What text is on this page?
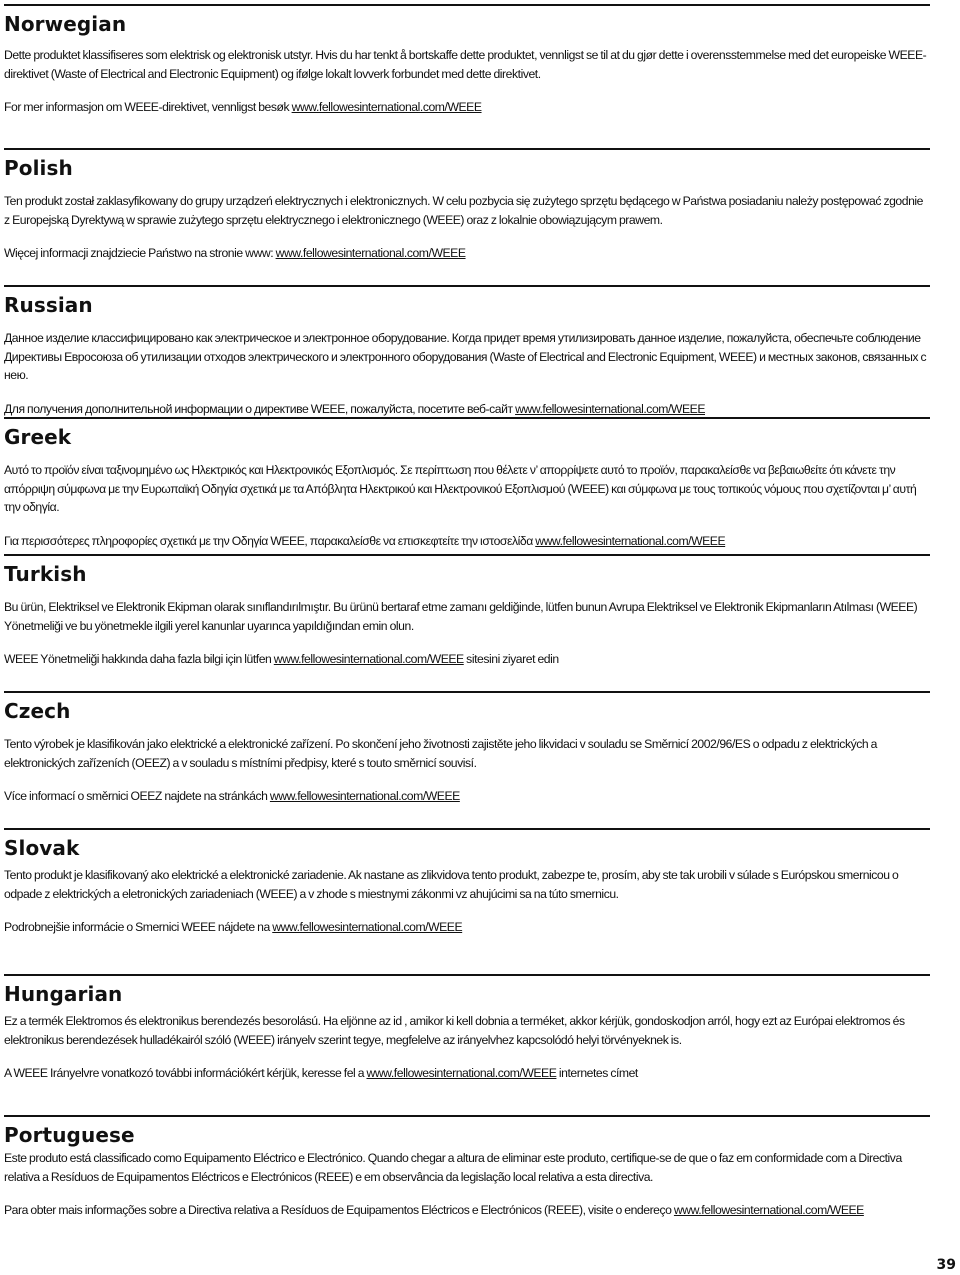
Norwegian

Dette produktet klassifiseres som elektrisk og elektronisk utstyr. Hvis du har tenkt å bortskaffe dette produktet, vennligst se til at du gjør dette i overensstemmelse med det europeiske WEEE-direktivet (Waste of Electrical and Electronic Equipment) og ifølge lokalt lovverk forbundet med dette direktivet.

For mer informasjon om WEEE-direktivet, vennligst besøk www.fellowesinternational.com/WEEE

Polish

Ten produkt został zaklasyfikowany do grupy urządzeń elektrycznych i elektronicznych. W celu pozbycia się zużytego sprzętu będącego w Państwa posiadaniu należy postępować zgodnie z Europejską Dyrektywą w sprawie zużytego sprzętu elektrycznego i elektronicznego (WEEE) oraz z lokalnie obowiązującym prawem.

Więcej informacji znajdziecie Państwo na stronie www: www.fellowesinternational.com/WEEE

Russian

Данное изделие классифицировано как электрическое и электронное оборудование. Когда придет время утилизировать данное изделие, пожалуйста, обеспечьте соблюдение Директивы Евросоюза об утилизации отходов электрического и электронного оборудования (Waste of Electrical and Electronic Equipment, WEEE) и местных законов, связанных с нею.

Для получения дополнительной информации о директиве WEEE, пожалуйста, посетите веб-сайт www.fellowesinternational.com/WEEE

Greek

Αυτό το προϊόν είναι ταξινομημένο ως Ηλεκτρικός και Ηλεκτρονικός Εξοπλισμός. Σε περίπτωση που θέλετε ν’ απορρίψετε αυτό το προϊόν, παρακαλείσθε να βεβαιωθείτε ότι κάνετε την απόρριψη σύμφωνα με την Ευρωπαϊκή Οδηγία σχετικά με τα Απόβλητα Ηλεκτρικού και Ηλεκτρονικού Εξοπλισμού (WEEE) και σύμφωνα με τους τοπικούς νόμους που σχετίζονται μ’ αυτή την οδηγία.

Για περισσότερες πληροφορίες σχετικά με την Οδηγία WEEE, παρακαλείσθε να επισκεφτείτε την ιστοσελίδα www.fellowesinternational.com/WEEE

Turkish

Bu ürün, Elektriksel ve Elektronik Ekipman olarak sınıflandırılmıştır. Bu ürünü bertaraf etme zamanı geldiğinde, lütfen bunun Avrupa Elektriksel ve Elektronik Ekipmanların Atılması (WEEE) Yönetmeliği ve bu yönetmekle ilgili yerel kanunlar uyarınca yapıldığından emin olun.

WEEE Yönetmeliği hakkında daha fazla bilgi için lütfen www.fellowesinternational.com/WEEE sitesini ziyaret edin

Czech

Tento výrobek je klasifikován jako elektrické a elektronické zařízení. Po skončení jeho životnosti zajistěte jeho likvidaci v souladu se Směrnicí 2002/96/ES o odpadu z elektrických a elektronických zařízeních (OEEZ) a v souladu s místními předpisy, které s touto směrnicí souvisí.

Více informací o směrnici OEEZ najdete na stránkách www.fellowesinternational.com/WEEE

Slovak

Tento produkt je klasifikovaný ako elektrické a elektronické zariadenie. Ak nastane as zlikvidova tento produkt, zabezpe te, prosím, aby ste tak urobili v súlade s Európskou smernicou o odpade z elektrických a eletronických zariadeniach (WEEE) a v zhode s miestnymi zákonmi vz ahujúcimi sa na túto smernicu.

Podrobnejšie informácie o Smernici WEEE nájdete na www.fellowesinternational.com/WEEE

Hungarian

Ez a termék Elektromos és elektronikus berendezés besorolású. Ha eljönne az id , amikor ki kell dobnia a terméket, akkor kérjük, gondoskodjon arról, hogy ezt az Európai elektromos és elektronikus berendezések hulladékairól szóló (WEEE) irányelv szerint tegye, megfelelve az irányelvhez kapcsolódó helyi törvényeknek is.

A WEEE Irányelvre vonatkozó további információkért kérjük, keresse fel a www.fellowesinternational.com/WEEE internetes címet

Portuguese

Este produto está classificado como Equipamento Eléctrico e Electrónico. Quando chegar a altura de eliminar este produto, certifique-se de que o faz em conformidade com a Directiva relativa a Resíduos de Equipamentos Eléctricos e Electrónicos (REEE) e em observância da legislação local relativa a esta directiva.

Para obter mais informações sobre a Directiva relativa a Resíduos de Equipamentos Eléctricos e Electrónicos (REEE), visite o endereço www.fellowesinternational.com/WEEE

39
